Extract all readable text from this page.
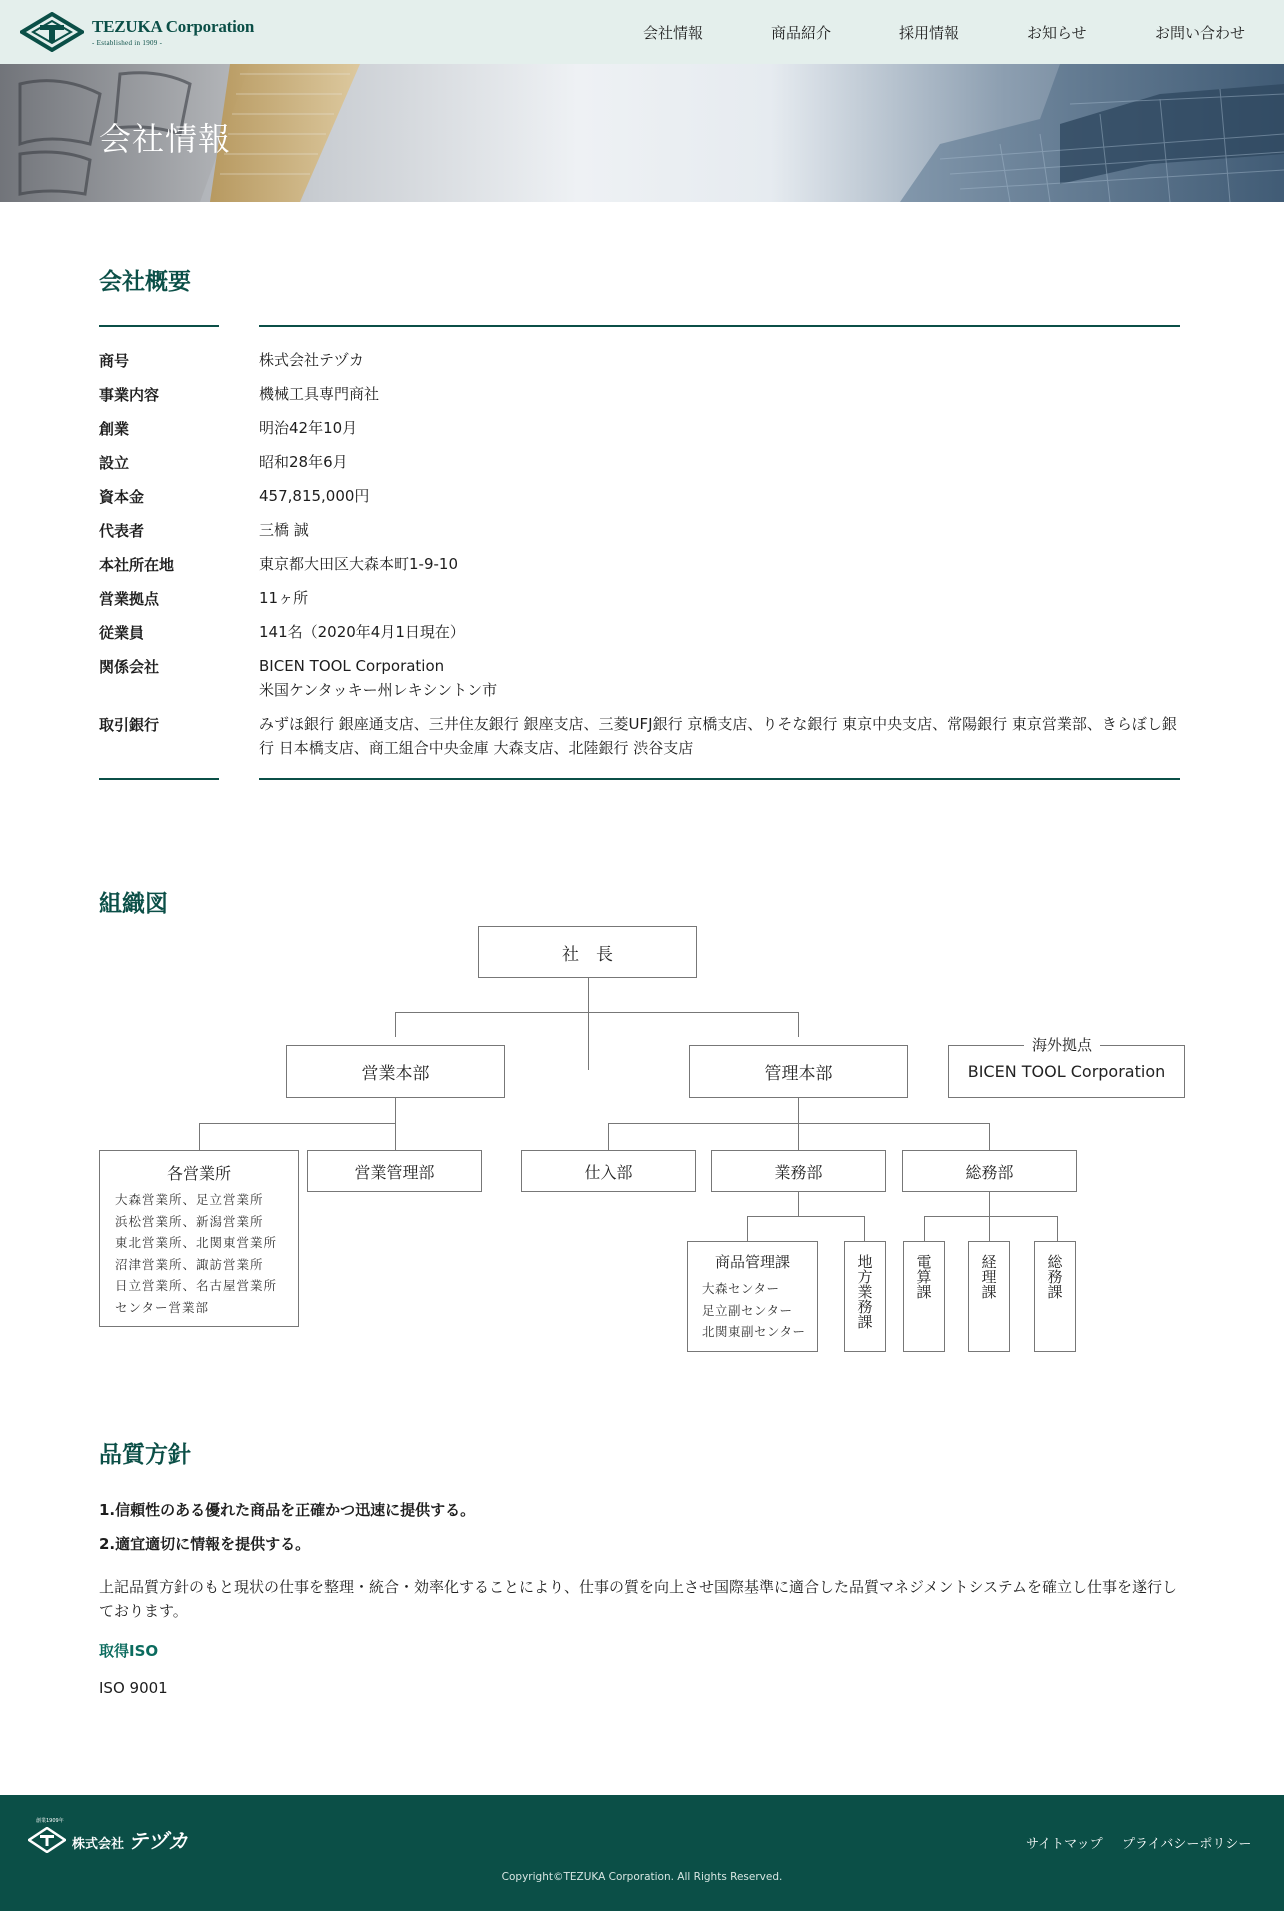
TEZUKA Corporation
- Established in 1909 -
会社情報	商品紹介	採用情報	お知らせ	お問い合わせ
会社情報
会社概要
商号	株式会社テヅカ
事業内容	機械工具専門商社
創業	明治42年10月
設立	昭和28年6月
資本金	457,815,000円
代表者	三橋 誠
本社所在地	東京都大田区大森本町1-9-10
営業拠点	11ヶ所
従業員	141名（2020年4月1日現在）
関係会社	BICEN TOOL Corporation
米国ケンタッキー州レキシントン市
取引銀行	みずほ銀行 銀座通支店、三井住友銀行 銀座支店、三菱UFJ銀行 京橋支店、りそな銀行 東京中央支店、常陽銀行 東京営業部、きらぼし銀行 日本橋支店、商工組合中央金庫 大森支店、北陸銀行 渋谷支店
組織図
社　長
営業本部	管理本部	BICEN TOOL Corporation
海外拠点
各営業所
大森営業所、足立営業所
浜松営業所、新潟営業所
東北営業所、北関東営業所
沼津営業所、諏訪営業所
日立営業所、名古屋営業所
センター営業部
営業管理部	仕入部	業務部	総務部
商品管理課
大森センター
足立副センター
北関東副センター
地方業務課	電算課	経理課	総務課
品質方針
1.信頼性のある優れた商品を正確かつ迅速に提供する。
2.適宜適切に情報を提供する。
上記品質方針のもと現状の仕事を整理・統合・効率化することにより、仕事の質を向上させ国際基準に適合した品質マネジメントシステムを確立し仕事を遂行しております。
取得ISO
ISO 9001
創業1909年
株式会社 テヅカ	サイトマップ プライバシーポリシー
Copyright©TEZUKA Corporation. All Rights Reserved.
